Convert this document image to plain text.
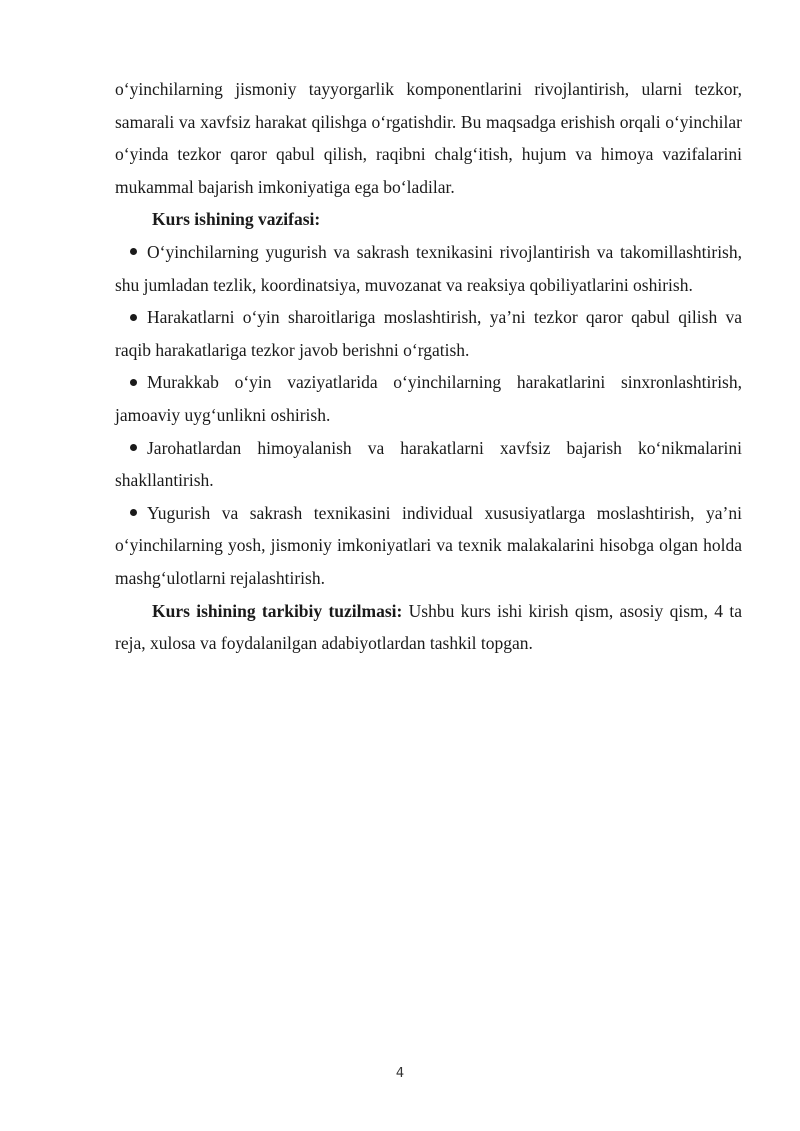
o‘yinchilarning jismoniy tayyorgarlik komponentlarini rivojlantirish, ularni tezkor, samarali va xavfsiz harakat qilishga o‘rgatishdir. Bu maqsadga erishish orqali o‘yinchilar o‘yinda tezkor qaror qabul qilish, raqibni chalg‘itish, hujum va himoya vazifalarini mukammal bajarish imkoniyatiga ega bo‘ladilar.

Kurs ishining vazifasi:

O‘yinchilarning yugurish va sakrash texnikasini rivojlantirish va takomillashtirish, shu jumladan tezlik, koordinatsiya, muvozanat va reaksiya qobiliyatlarini oshirish.

Harakatlarni o‘yin sharoitlariga moslashtirish, ya’ni tezkor qaror qabul qilish va raqib harakatlariga tezkor javob berishni o‘rgatish.

Murakkab o‘yin vaziyatlarida o‘yinchilarning harakatlarini sinxronlashtirish, jamoaviy uyg‘unlikni oshirish.

Jarohatlardan himoyalanish va harakatlarni xavfsiz bajarish ko‘nikmalarini shakllantirish.

Yugurish va sakrash texnikasini individual xususiyatlarga moslashtirish, ya’ni o‘yinchilarning yosh, jismoniy imkoniyatlari va texnik malakalarini hisobga olgan holda mashg‘ulotlarni rejalashtirish.

Kurs ishining tarkibiy tuzilmasi: Ushbu kurs ishi kirish qism, asosiy qism, 4 ta reja, xulosa va foydalanilgan adabiyotlardan tashkil topgan.

4
